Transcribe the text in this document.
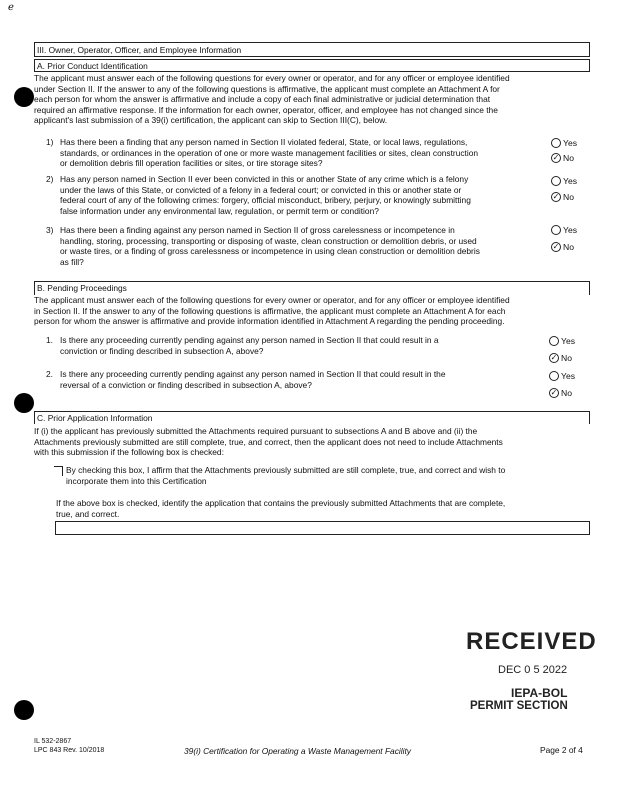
ℯ
III. Owner, Operator, Officer, and Employee Information
A. Prior Conduct Identification
The applicant must answer each of the following questions for every owner or operator, and for any officer or employee identified
under Section II. If the answer to any of the following questions is affirmative, the applicant must complete an Attachment A for
each person for whom the answer is affirmative and include a copy of each final administrative or judicial determination that
required an affirmative response. If the information for each owner, operator, officer, and employee has not changed since the
applicant's last submission of a 39(i) certification, the applicant can skip to Section III(C), below.
1) Has there been a finding that any person named in Section II violated federal, State, or local laws, regulations,
standards, or ordinances in the operation of one or more waste management facilities or sites, clean construction
or demolition debris fill operation facilities or sites, or tire storage sites?
Yes
✓ No
2) Has any person named in Section II ever been convicted in this or another State of any crime which is a felony
under the laws of this State, or convicted of a felony in a federal court; or convicted in this or another state or
federal court of any of the following crimes: forgery, official misconduct, bribery, perjury, or knowingly submitting
false information under any environmental law, regulation, or permit term or condition?
Yes
✓ No
3) Has there been a finding against any person named in Section II of gross carelessness or incompetence in
handling, storing, processing, transporting or disposing of waste, clean construction or demolition debris, or used
or waste tires, or a finding of gross carelessness or incompetence in using clean construction or demolition debris
as fill?
Yes
✓ No
B. Pending Proceedings
The applicant must answer each of the following questions for every owner or operator, and for any officer or employee identified
in Section II. If the answer to any of the following questions is affirmative, the applicant must complete an Attachment A for each
person for whom the answer is affirmative and provide information identified in Attachment A regarding the pending proceeding.
1. Is there any proceeding currently pending against any person named in Section II that could result in a
conviction or finding described in subsection A, above?
Yes
✓ No
2. Is there any proceeding currently pending against any person named in Section II that could result in the
reversal of a conviction or finding described in subsection A, above?
Yes
✓ No
C. Prior Application Information
If (i) the applicant has previously submitted the Attachments required pursuant to subsections A and B above and (ii) the
Attachments previously submitted are still complete, true, and correct, then the applicant does not need to include Attachments
with this submission if the following box is checked:
By checking this box, I affirm that the Attachments previously submitted are still complete, true, and correct and wish to
incorporate them into this Certification
If the above box is checked, identify the application that contains the previously submitted Attachments that are complete,
true, and correct.
RECEIVED
DEC 0 5 2022
IEPA-BOL
PERMIT SECTION
IL 532-2867
LPC 843 Rev. 10/2018	39(i) Certification for Operating a Waste Management Facility	Page 2 of 4
